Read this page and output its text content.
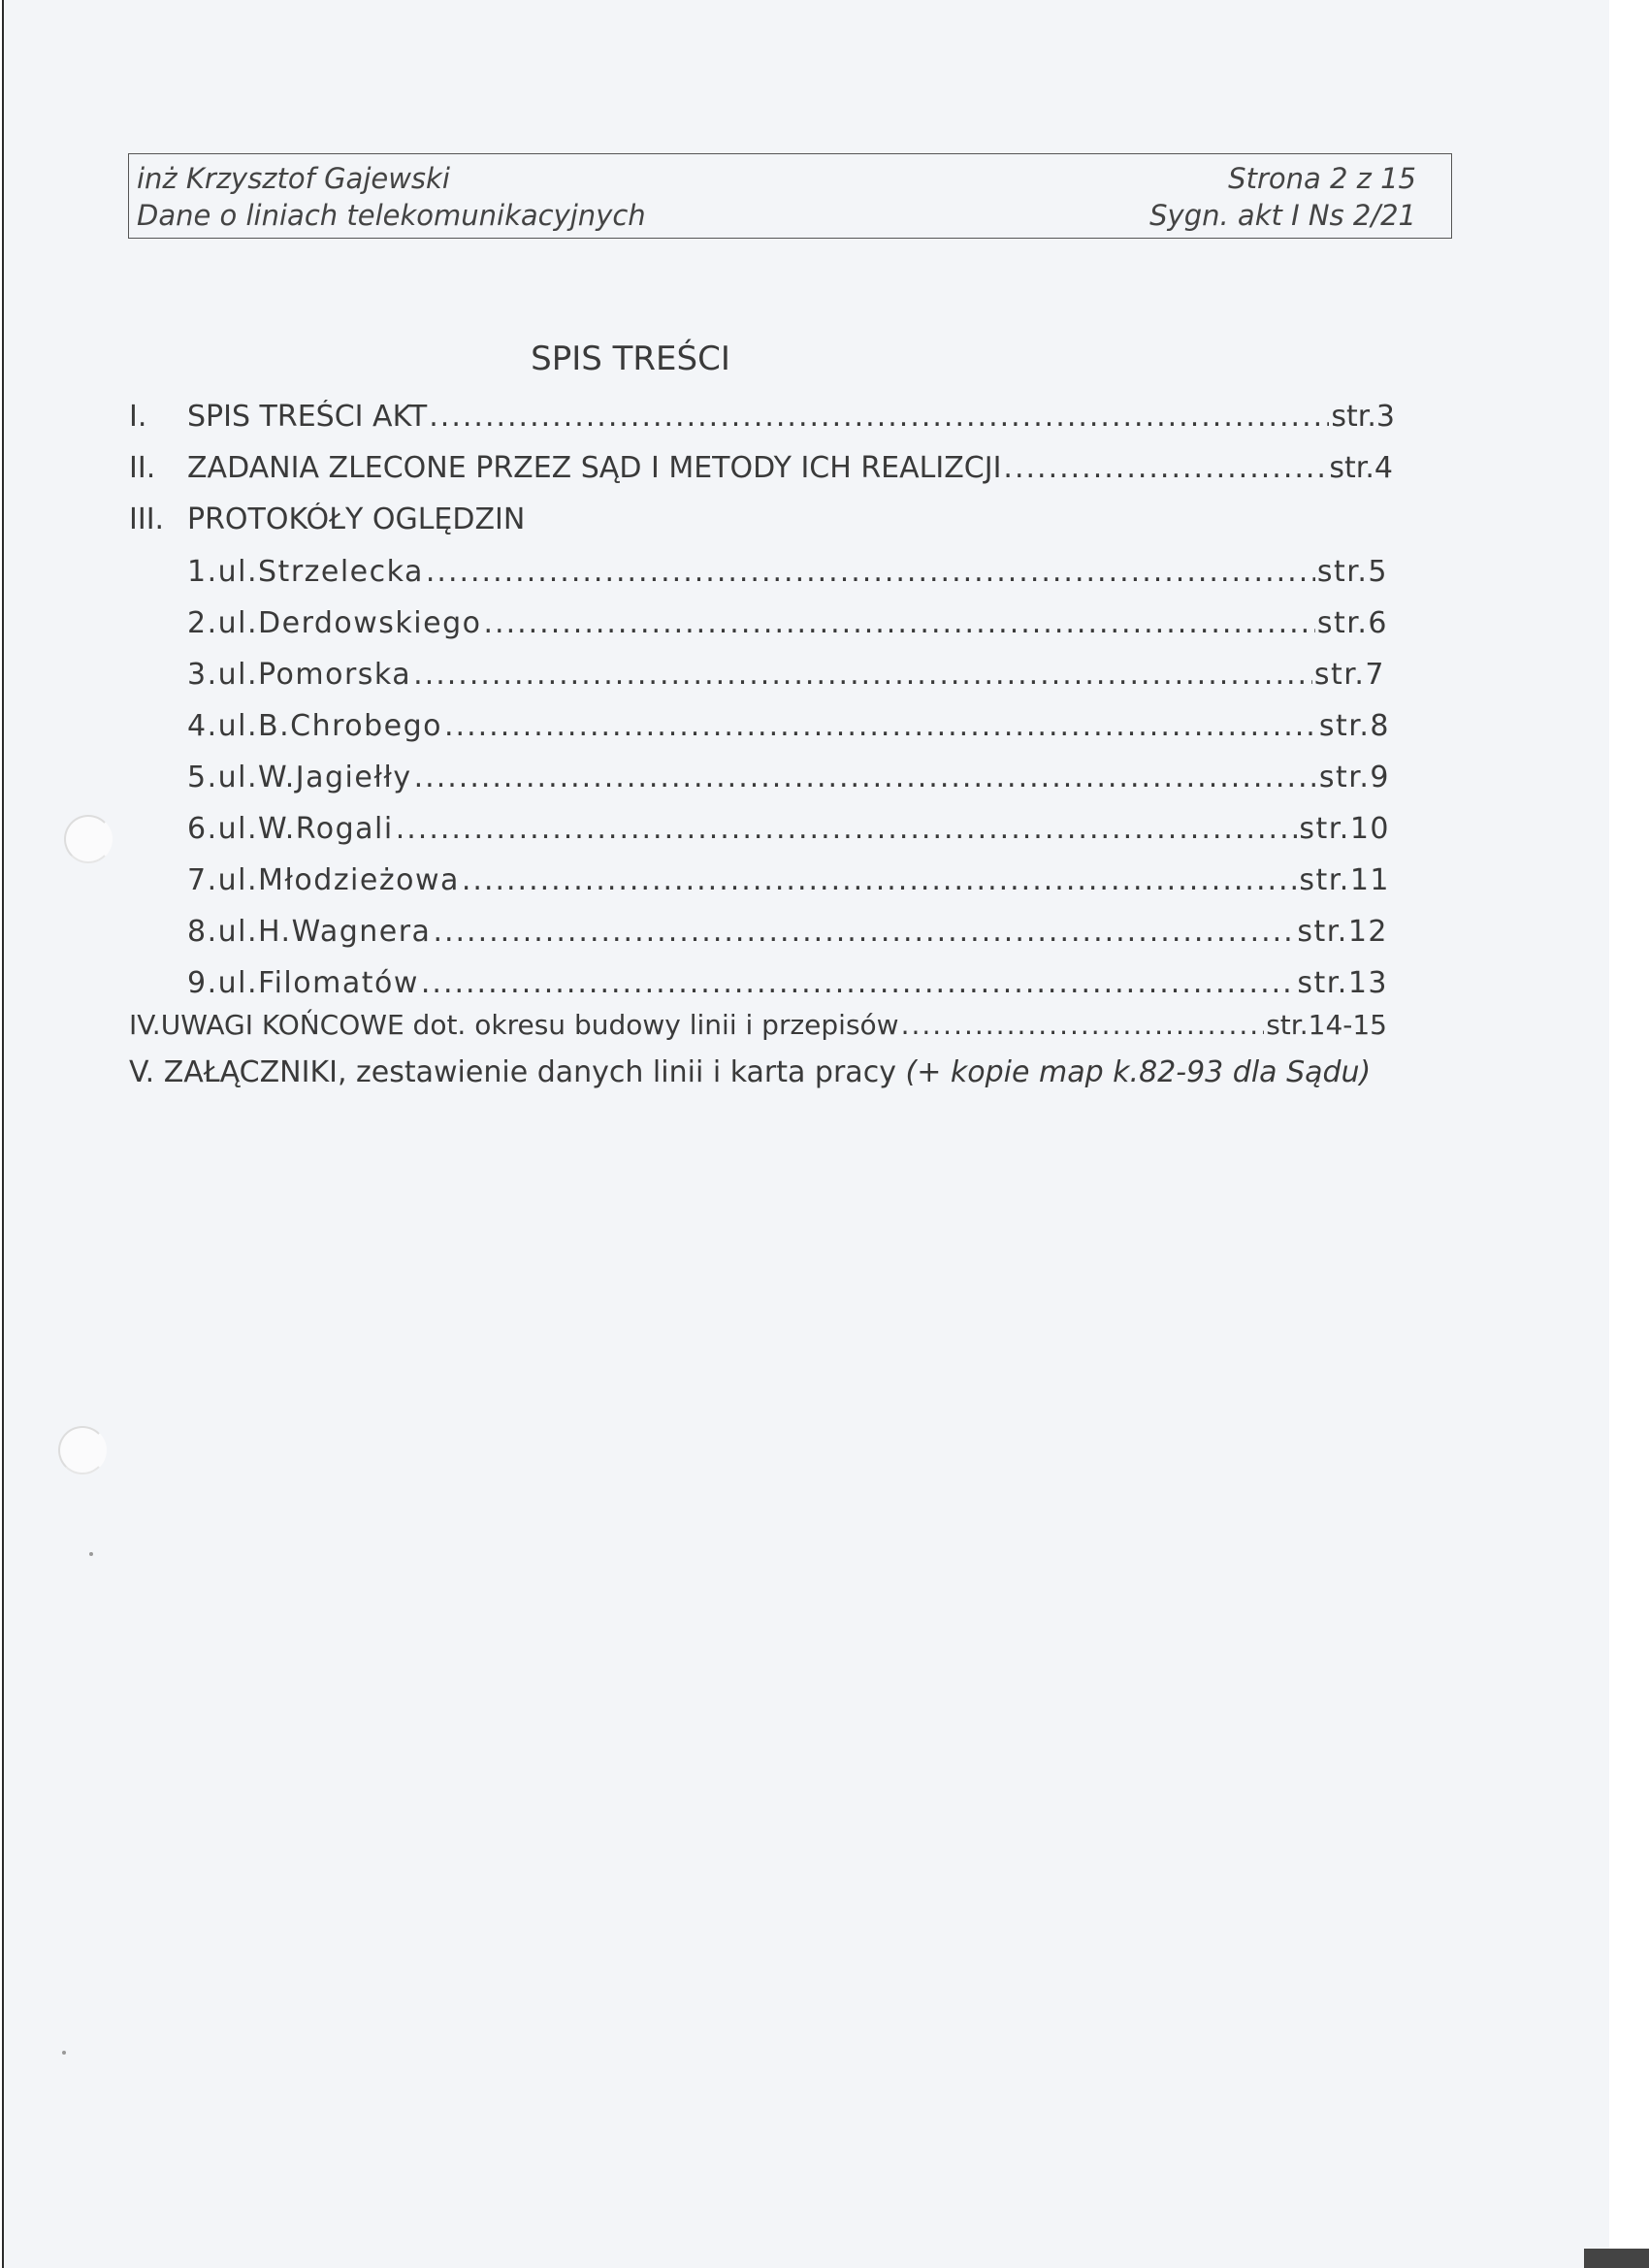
inż Krzysztof Gajewski
Dane o liniach telekomunikacyjnych
Strona 2 z 15
Sygn. akt I Ns 2/21
SPIS TREŚCI
I.	SPIS TREŚCI AKT .....	str.3
II.	ZADANIA ZLECONE PRZEZ SĄD I METODY ICH REALIZCJI .....	str.4
III. PROTOKÓŁY OGLĘDZIN
1.ul.Strzelecka .....	str.5
2.ul.Derdowskiego .....	str.6
3.ul.Pomorska .....	str.7
4.ul.B.Chrobego .....	str.8
5.ul.W.Jagiełły .....	str.9
6.ul.W.Rogali .....	str.10
7.ul.Młodzieżowa .....	str.11
8.ul.H.Wagnera .....	str.12
9.ul.Filomatów .....	str.13
IV.UWAGI KOŃCOWE dot. okresu budowy linii i przepisów .....	str.14-15
V. ZAŁĄCZNIKI, zestawienie danych linii i karta pracy (+ kopie map k.82-93 dla Sądu)
